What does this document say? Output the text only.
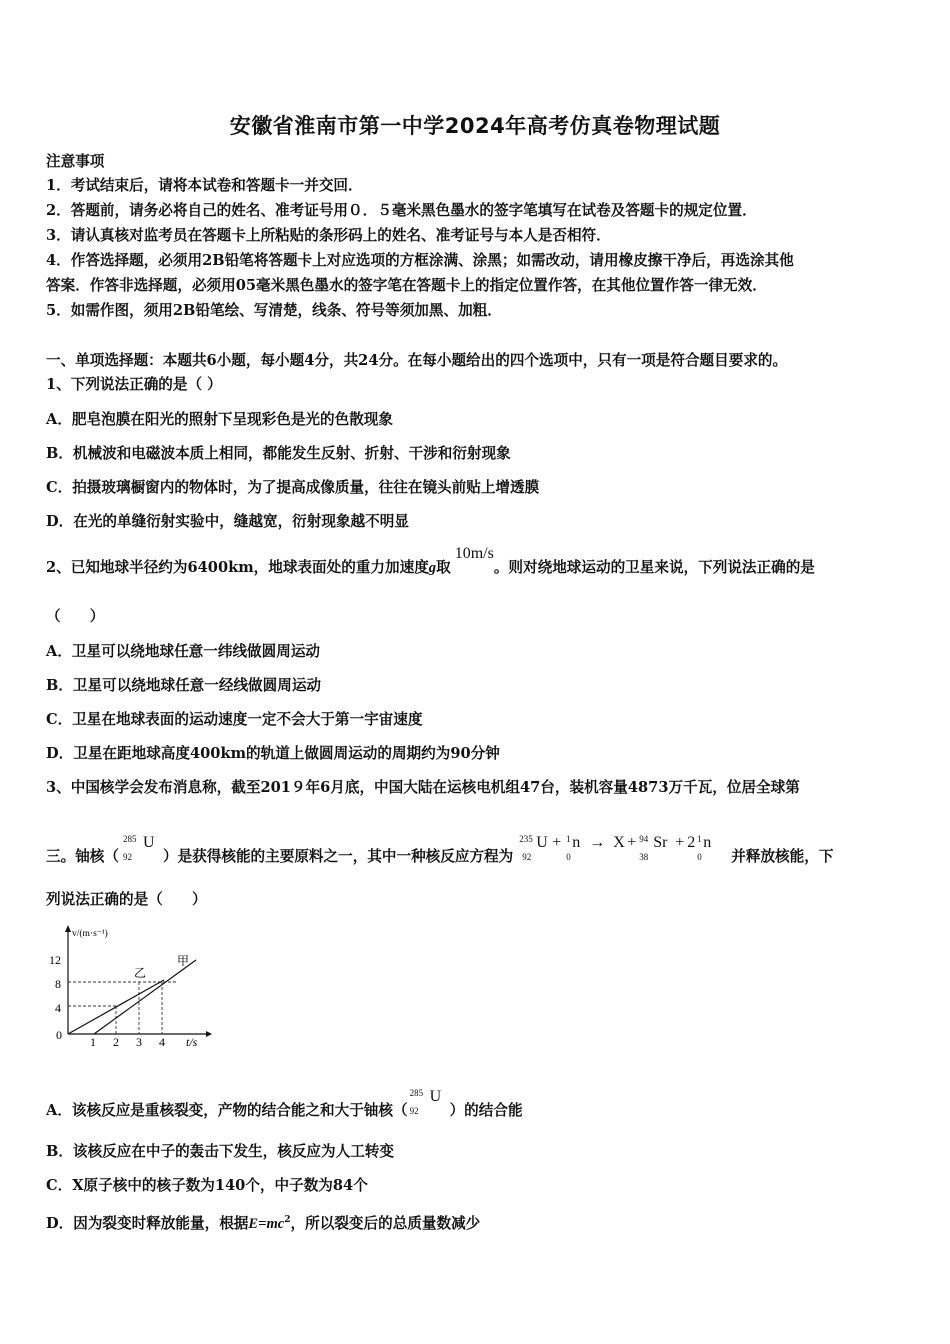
安徽省淮南市第一中学2024年高考仿真卷物理试题
注意事项
1．考试结束后，请将本试卷和答题卡一并交回．
2．答题前，请务必将自己的姓名、准考证号用０．５毫米黑色墨水的签字笔填写在试卷及答题卡的规定位置．
3．请认真核对监考员在答题卡上所粘贴的条形码上的姓名、准考证号与本人是否相符．
4．作答选择题，必须用2B铅笔将答题卡上对应选项的方框涂满、涂黑；如需改动，请用橡皮擦干净后，再选涂其他
答案．作答非选择题，必须用05毫米黑色墨水的签字笔在答题卡上的指定位置作答，在其他位置作答一律无效．
5．如需作图，须用2B铅笔绘、写清楚，线条、符号等须加黑、加粗．
一、单项选择题：本题共6小题，每小题4分，共24分。在每小题给出的四个选项中，只有一项是符合题目要求的。
1、下列说法正确的是（ ）
A．肥皂泡膜在阳光的照射下呈现彩色是光的色散现象
B．机械波和电磁波本质上相同，都能发生反射、折射、干涉和衍射现象
C．拍摄玻璃橱窗内的物体时，为了提高成像质量，往往在镜头前贴上增透膜
D．在光的单缝衍射实验中，缝越宽，衍射现象越不明显
2、已知地球半径约为6400km，地球表面处的重力加速度g取10m/s。则对绕地球运动的卫星来说，下列说法正确的是
（　　）
A．卫星可以绕地球任意一纬线做圆周运动
B．卫星可以绕地球任意一经线做圆周运动
C．卫星在地球表面的运动速度一定不会大于第一宇宙速度
D．卫星在距地球高度400km的轨道上做圆周运动的周期约为90分钟
3、中国核学会发布消息称，截至201９年6月底，中国大陆在运核电机组47台，装机容量4873万千瓦，位居全球第
三。铀核（
285
92
U
）是获得核能的主要原料之一，其中一种核反应方程为
235
92
U + 1
0
n → X + 94
38
Sr + 2 1
0
n
并释放核能，下
列说法正确的是（　　）
v/(m·s⁻¹)
t/s
0
4
8
12
1 2 3 4
甲
乙
A．该核反应是重核裂变，产物的结合能之和大于铀核（
285
92
U
）的结合能
B．该核反应在中子的轰击下发生，核反应为人工转变
C．X原子核中的核子数为140个，中子数为84个
D．因为裂变时释放能量，根据$E=mc^2$，所以裂变后的总质量数减少
